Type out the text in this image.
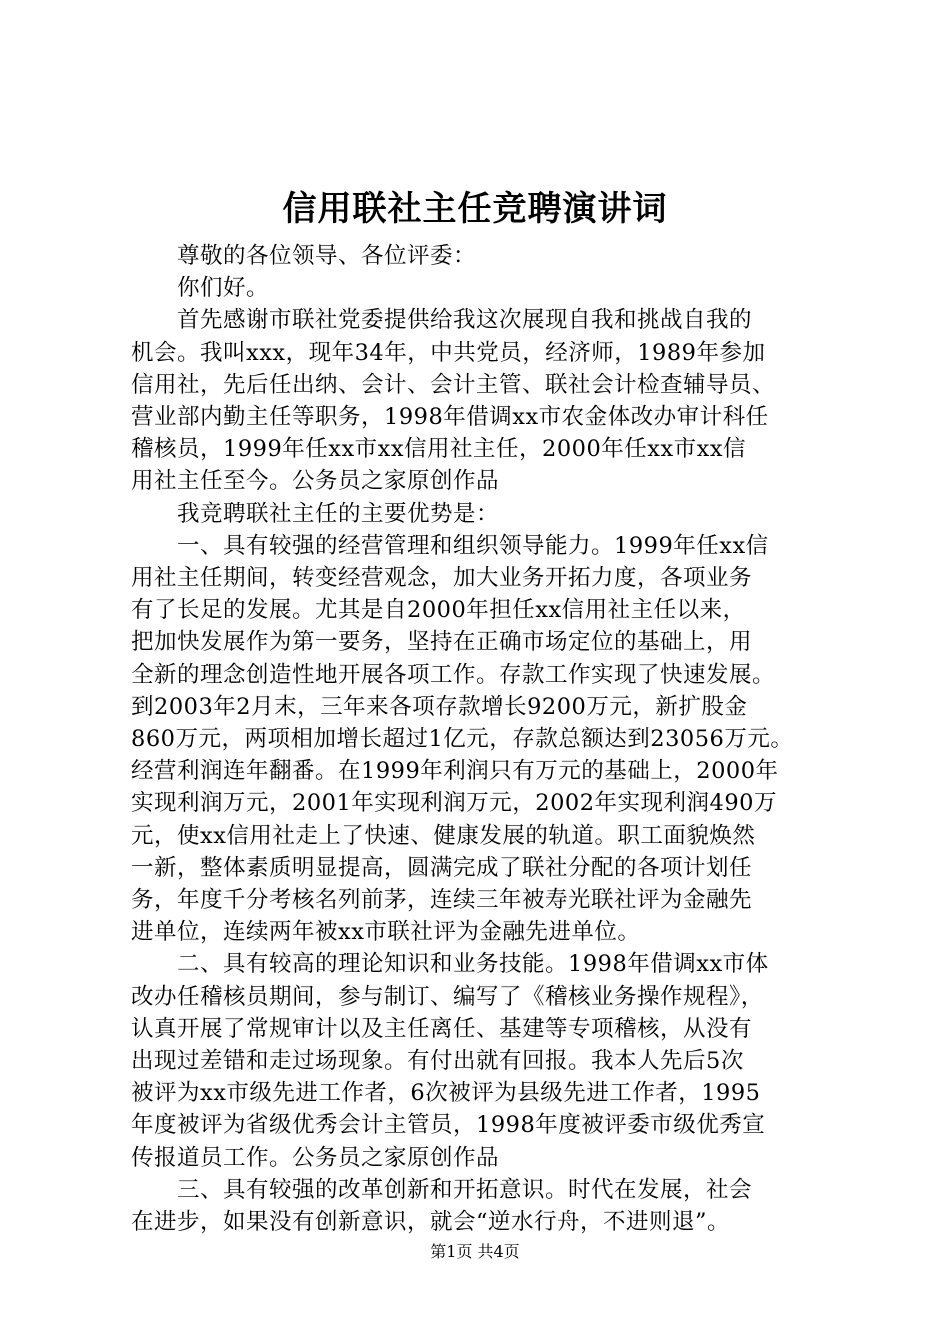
信用联社主任竞聘演讲词
尊敬的各位领导、各位评委：
你们好。
首先感谢市联社党委提供给我这次展现自我和挑战自我的
机会。我叫xxx，现年34年，中共党员，经济师，1989年参加
信用社，先后任出纳、会计、会计主管、联社会计检查辅导员、
营业部内勤主任等职务，1998年借调xx市农金体改办审计科任
稽核员，1999年任xx市xx信用社主任，2000年任xx市xx信
用社主任至今。公务员之家原创作品
我竞聘联社主任的主要优势是：
一、具有较强的经营管理和组织领导能力。1999年任xx信
用社主任期间，转变经营观念，加大业务开拓力度，各项业务
有了长足的发展。尤其是自2000年担任xx信用社主任以来，
把加快发展作为第一要务，坚持在正确市场定位的基础上，用
全新的理念创造性地开展各项工作。存款工作实现了快速发展。
到2003年2月末，三年来各项存款增长9200万元，新扩股金
860万元，两项相加增长超过1亿元，存款总额达到23056万元。
经营利润连年翻番。在1999年利润只有万元的基础上，2000年
实现利润万元，2001年实现利润万元，2002年实现利润490万
元，使xx信用社走上了快速、健康发展的轨道。职工面貌焕然
一新，整体素质明显提高，圆满完成了联社分配的各项计划任
务，年度千分考核名列前茅，连续三年被寿光联社评为金融先
进单位，连续两年被xx市联社评为金融先进单位。
二、具有较高的理论知识和业务技能。1998年借调xx市体
改办任稽核员期间，参与制订、编写了《稽核业务操作规程》，
认真开展了常规审计以及主任离任、基建等专项稽核，从没有
出现过差错和走过场现象。有付出就有回报。我本人先后5次
被评为xx市级先进工作者，6次被评为县级先进工作者，1995
年度被评为省级优秀会计主管员，1998年度被评委市级优秀宣
传报道员工作。公务员之家原创作品
三、具有较强的改革创新和开拓意识。时代在发展，社会
在进步，如果没有创新意识，就会“逆水行舟，不进则退”。
第1页 共4页
